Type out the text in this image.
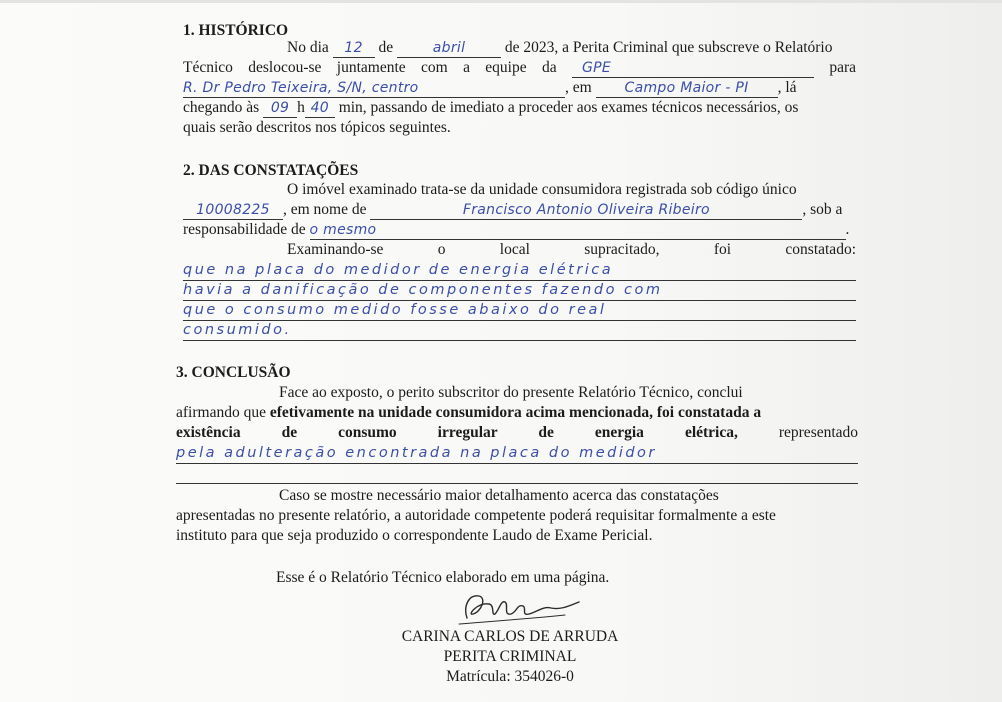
1. HISTÓRICO
No dia 12 de	abril	de 2023, a Perita Criminal que subscreve o Relatório
Técnico deslocou-se juntamente com a equipe da GPE	para
R. Dr Pedro Teixeira, S/N, centro	, em Campo Maior - PI , lá
chegando às 09 h 40 min, passando de imediato a proceder aos exames técnicos necessários, os
quais serão descritos nos tópicos seguintes.
2. DAS CONSTATAÇÕES
O imóvel examinado trata-se da unidade consumidora registrada sob código único
10008225 , em nome de	Francisco Antonio Oliveira Ribeiro	, sob a
responsabilidade de o mesmo	.
Examinando-se	o	local	supracitado,	foi	constatado:
que na placa do medidor de energia elétrica
havia a danificação de componentes fazendo com
que o consumo medido fosse abaixo do real
consumido.
3. CONCLUSÃO
Face ao exposto, o perito subscritor do presente Relatório Técnico, conclui
afirmando que efetivamente na unidade consumidora acima mencionada, foi constatada a
existência	de	consumo	irregular	de	energia	elétrica,	representado
pela adulteração encontrada na placa do medidor
Caso se mostre necessário maior detalhamento acerca das constatações
apresentadas no presente relatório, a autoridade competente poderá requisitar formalmente a este
instituto para que seja produzido o correspondente Laudo de Exame Pericial.
Esse é o Relatório Técnico elaborado em uma página.
CARINA CARLOS DE ARRUDA
PERITA CRIMINAL
Matrícula: 354026-0
